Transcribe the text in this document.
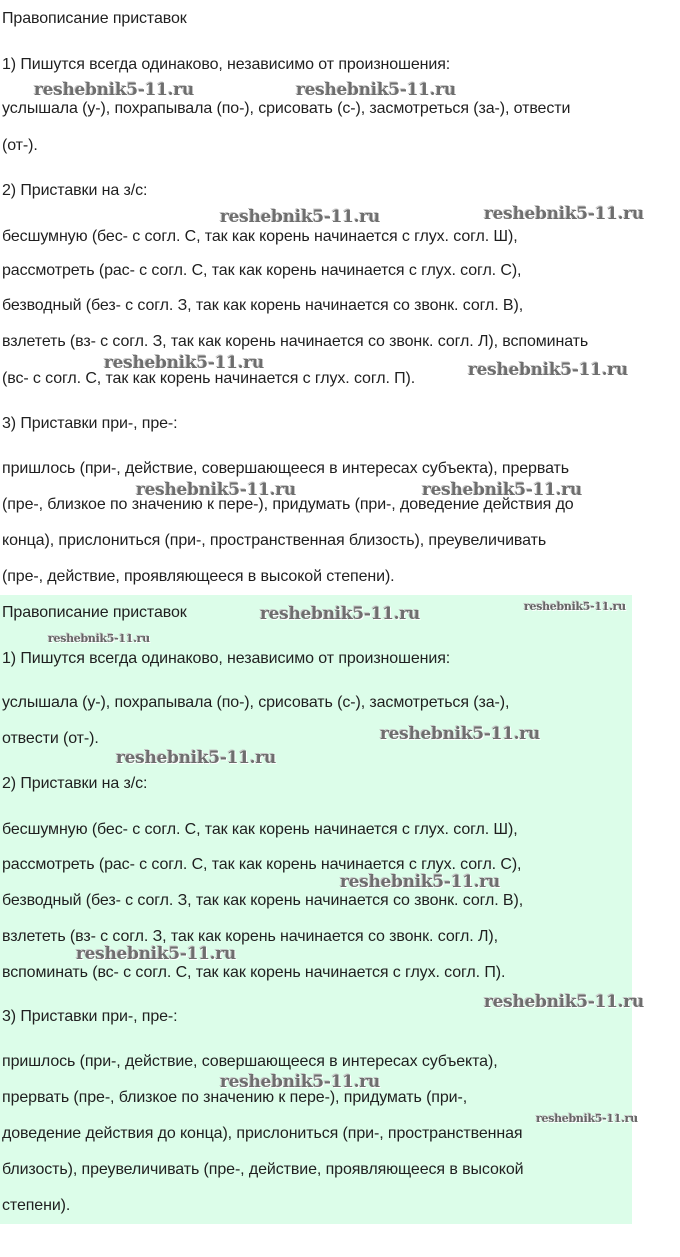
Правописание приставок
1) Пишутся всегда одинаково, независимо от произношения:
услышала (у-), похрапывала (по-), срисовать (с-), засмотреться (за-), отвести
(от-).
2) Приставки на з/с:
бесшумную (бес- с согл. С, так как корень начинается с глух. согл. Ш),
рассмотреть (рас- с согл. С, так как корень начинается с глух. согл. С),
безводный (без- с согл. З, так как корень начинается со звонк. согл. В),
взлететь (вз- с согл. З, так как корень начинается со звонк. согл. Л), вспоминать
(вс- с согл. С, так как корень начинается с глух. согл. П).
3) Приставки при-, пре-:
пришлось (при-, действие, совершающееся в интересах субъекта), прервать
(пре-, близкое по значению к пере-), придумать (при-, доведение действия до
конца), прислониться (при-, пространственная близость), преувеличивать
(пре-, действие, проявляющееся в высокой степени).
Правописание приставок
1) Пишутся всегда одинаково, независимо от произношения:
услышала (у-), похрапывала (по-), срисовать (с-), засмотреться (за-),
отвести (от-).
2) Приставки на з/с:
бесшумную (бес- с согл. С, так как корень начинается с глух. согл. Ш),
рассмотреть (рас- с согл. С, так как корень начинается с глух. согл. С),
безводный (без- с согл. З, так как корень начинается со звонк. согл. В),
взлететь (вз- с согл. З, так как корень начинается со звонк. согл. Л),
вспоминать (вс- с согл. С, так как корень начинается с глух. согл. П).
3) Приставки при-, пре-:
пришлось (при-, действие, совершающееся в интересах субъекта),
прервать (пре-, близкое по значению к пере-), придумать (при-,
доведение действия до конца), прислониться (при-, пространственная
близость), преувеличивать (пре-, действие, проявляющееся в высокой
степени).
reshebnik5-11.ru	reshebnik5-11.ru
reshebnik5-11.ru	reshebnik5-11.ru
reshebnik5-11.ru	reshebnik5-11.ru
reshebnik5-11.ru	reshebnik5-11.ru
reshebnik5-11.ru	reshebnik5-11.ru
reshebnik5-11.ru
reshebnik5-11.ru
reshebnik5-11.ru
reshebnik5-11.ru
reshebnik5-11.ru
reshebnik5-11.ru
reshebnik5-11.ru
reshebnik5-11.ru
